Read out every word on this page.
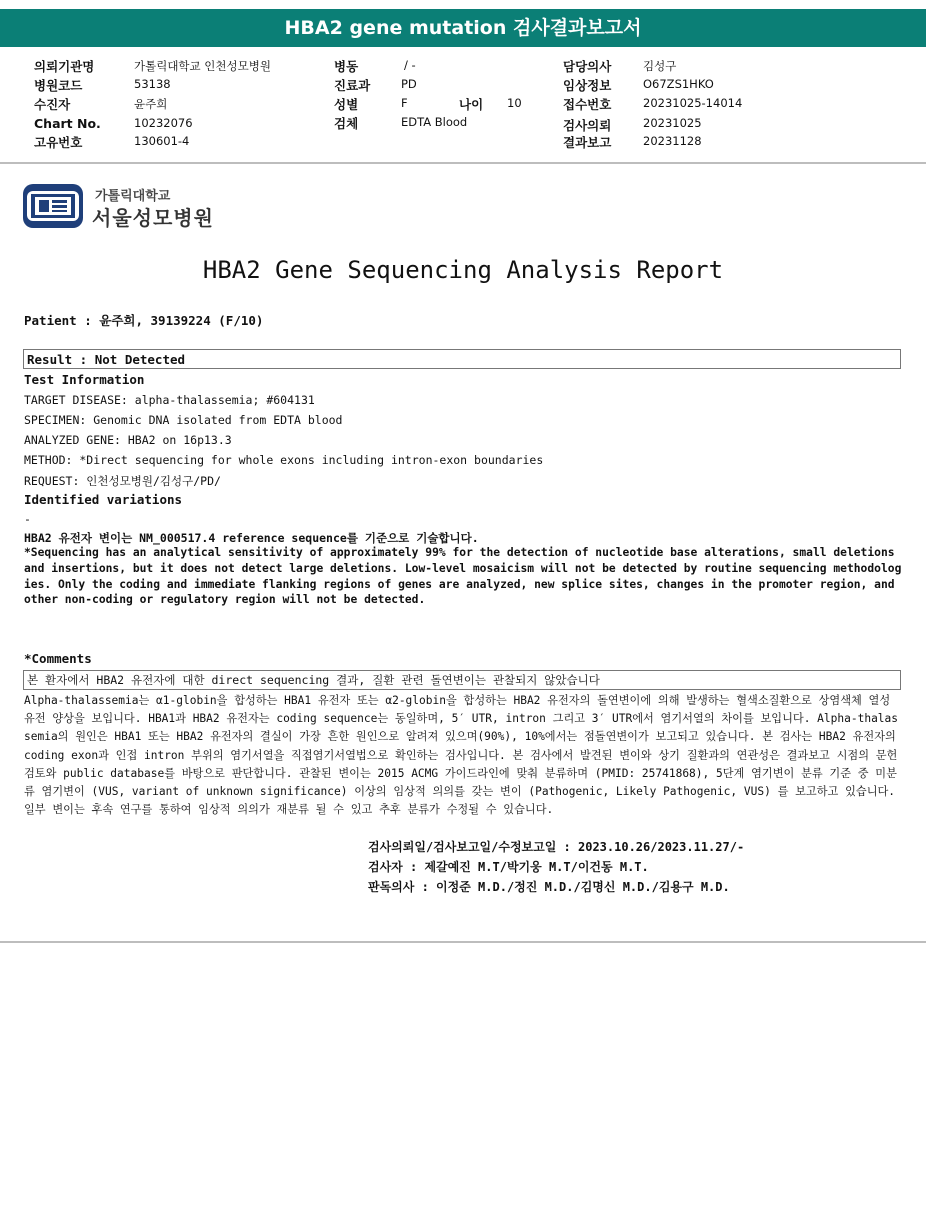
HBA2 gene mutation 검사결과보고서
의뢰기관명	가톨릭대학교 인천성모병원
병원코드	53138
수진자	윤주희
Chart No.	10232076
고유번호	130601-4
병동	/ -
진료과	PD
성별	F	나이 10
검체	EDTA Blood
담당의사	김성구
임상정보	O67ZS1HKO
접수번호	20231025-14014
검사의뢰	20231025
결과보고	20231128
가톨릭대학교
서울성모병원
HBA2 Gene Sequencing Analysis Report
Patient : 윤주희, 39139224 (F/10)
Result : Not Detected
Test Information
TARGET DISEASE: alpha-thalassemia; #604131
SPECIMEN: Genomic DNA isolated from EDTA blood
ANALYZED GENE: HBA2 on 16p13.3
METHOD: *Direct sequencing for whole exons including intron-exon boundaries
REQUEST: 인천성모병원/김성구/PD/
Identified variations
-
HBA2 유전자 변이는 NM_000517.4 reference sequence를 기준으로 기술합니다.
*Sequencing has an analytical sensitivity of approximately 99% for the detection of nucleotide base alterations, small deletions and insertions, but it does not detect large deletions. Low-level mosaicism will not be detected by routine sequencing methodologies. Only the coding and immediate flanking regions of genes are analyzed, new splice sites, changes in the promoter region, and other non-coding or regulatory region will not be detected.
*Comments
본 환자에서 HBA2 유전자에 대한 direct sequencing 결과, 질환 관련 돌연변이는 관찰되지 않았습니다
Alpha-thalassemia는 α1-globin을 합성하는 HBA1 유전자 또는 α2-globin을 합성하는 HBA2 유전자의 돌연변이에 의해 발생하는 혈색소질환으로 상염색체 열성 유전 양상을 보입니다. HBA1과 HBA2 유전자는 coding sequence는 동일하며, 5′ UTR, intron 그리고 3′ UTR에서 염기서열의 차이를 보입니다. Alpha-thalassemia의 원인은 HBA1 또는 HBA2 유전자의 결실이 가장 흔한 원인으로 알려져 있으며(90%), 10%에서는 점돌연변이가 보고되고 있습니다. 본 검사는 HBA2 유전자의 coding exon과 인접 intron 부위의 염기서열을 직접염기서열법으로 확인하는 검사입니다. 본 검사에서 발견된 변이와 상기 질환과의 연관성은 결과보고 시점의 문헌 검토와 public database를 바탕으로 판단합니다. 관찰된 변이는 2015 ACMG 가이드라인에 맞춰 분류하며 (PMID: 25741868), 5단계 염기변이 분류 기준 중 미분류 염기변이 (VUS, variant of unknown significance) 이상의 임상적 의의를 갖는 변이 (Pathogenic, Likely Pathogenic, VUS) 를 보고하고 있습니다. 일부 변이는 후속 연구를 통하여 임상적 의의가 재분류 될 수 있고 추후 분류가 수정될 수 있습니다.
검사의뢰일/검사보고일/수정보고일 : 2023.10.26/2023.11.27/-
검사자 : 제갈예진 M.T/박기웅 M.T/이건동 M.T.
판독의사 : 이정준 M.D./정진 M.D./김명신 M.D./김용구 M.D.
